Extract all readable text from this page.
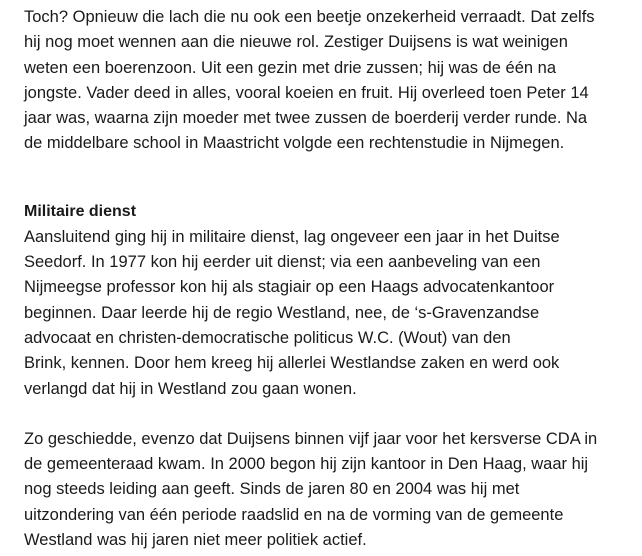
Toch? Opnieuw die lach die nu ook een beetje onzekerheid verraadt. Dat zelfs
hij nog moet wennen aan die nieuwe rol. Zestiger Duijsens is wat weinigen
weten een boerenzoon. Uit een gezin met drie zussen; hij was de één na
jongste. Vader deed in alles, vooral koeien en fruit. Hij overleed toen Peter 14
jaar was, waarna zijn moeder met twee zussen de boerderij verder runde. Na
de middelbare school in Maastricht volgde een rechtenstudie in Nijmegen.

Militaire dienst

Aansluitend ging hij in militaire dienst, lag ongeveer een jaar in het Duitse
Seedorf. In 1977 kon hij eerder uit dienst; via een aanbeveling van een
Nijmeegse professor kon hij als stagiair op een Haags advocatenkantoor
beginnen. Daar leerde hij de regio Westland, nee, de ‘s-Gravenzandse
advocaat en christen-democratische politicus W.C. (Wout) van den
Brink, kennen. Door hem kreeg hij allerlei Westlandse zaken en werd ook
verlangd dat hij in Westland zou gaan wonen.

Zo geschiedde, evenzo dat Duijsens binnen vijf jaar voor het kersverse CDA in
de gemeenteraad kwam. In 2000 begon hij zijn kantoor in Den Haag, waar hij
nog steeds leiding aan geeft. Sinds de jaren 80 en 2004 was hij met
uitzondering van één periode raadslid en na de vorming van de gemeente
Westland was hij jaren niet meer politiek actief.
